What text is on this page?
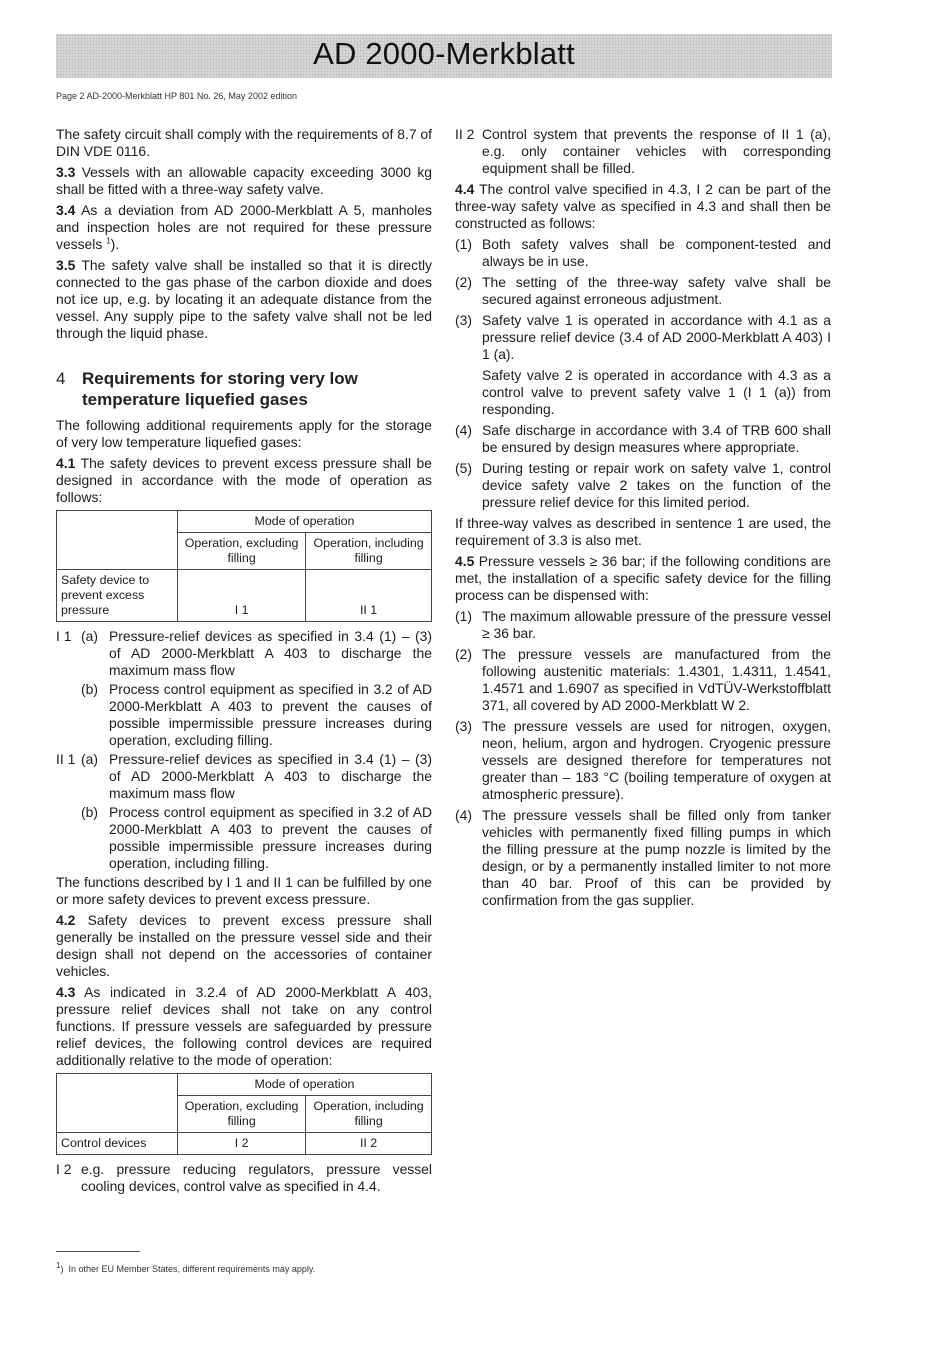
AD 2000-Merkblatt
Page 2 AD-2000-Merkblatt HP 801 No. 26, May 2002 edition

The safety circuit shall comply with the requirements of 8.7 of DIN VDE 0116.

3.3 Vessels with an allowable capacity exceeding 3000 kg shall be fitted with a three-way safety valve.

3.4 As a deviation from AD 2000-Merkblatt A 5, manholes and inspection holes are not required for these pressure vessels $^1$).

3.5 The safety valve shall be installed so that it is directly connected to the gas phase of the carbon dioxide and does not ice up, e.g. by locating it an adequate distance from the vessel. Any supply pipe to the safety valve shall not be led through the liquid phase.

4 Requirements for storing very low temperature liquefied gases

The following additional requirements apply for the storage of very low temperature liquefied gases:

4.1 The safety devices to prevent excess pressure shall be designed in accordance with the mode of operation as follows:

	Mode of operation	
	Operation, excluding filling	Operation, including filling
Safety device to prevent excess pressure	I 1	II 1
I 1 (a) Pressure-relief devices as specified in 3.4 (1) – (3) of AD 2000-Merkblatt A 403 to discharge the maximum mass flow
(b) Process control equipment as specified in 3.2 of AD 2000-Merkblatt A 403 to prevent the causes of possible impermissible pressure increases during operation, excluding filling.
II 1 (a) Pressure-relief devices as specified in 3.4 (1) – (3) of AD 2000-Merkblatt A 403 to discharge the maximum mass flow
(b) Process control equipment as specified in 3.2 of AD 2000-Merkblatt A 403 to prevent the causes of possible impermissible pressure increases during operation, including filling.

The functions described by I 1 and II 1 can be fulfilled by one or more safety devices to prevent excess pressure.

4.2 Safety devices to prevent excess pressure shall generally be installed on the pressure vessel side and their design shall not depend on the accessories of container vehicles.

4.3 As indicated in 3.2.4 of AD 2000-Merkblatt A 403, pressure relief devices shall not take on any control functions. If pressure vessels are safeguarded by pressure relief devices, the following control devices are required additionally relative to the mode of operation:

	Mode of operation	
	Operation, excluding filling	Operation, including filling
Control devices	I 2	II 2
I 2 e.g. pressure reducing regulators, pressure vessel cooling devices, control valve as specified in 4.4.
II 2 Control system that prevents the response of II 1 (a), e.g. only container vehicles with corresponding equipment shall be filled.

4.4 The control valve specified in 4.3, I 2 can be part of the three-way safety valve as specified in 4.3 and shall then be constructed as follows:

(1) Both safety valves shall be component-tested and always be in use.
(2) The setting of the three-way safety valve shall be secured against erroneous adjustment.
(3) Safety valve 1 is operated in accordance with 4.1 as a pressure relief device (3.4 of AD 2000-Merkblatt A 403) I 1 (a).

Safety valve 2 is operated in accordance with 4.3 as a control valve to prevent safety valve 1 (I 1 (a)) from responding.

(4) Safe discharge in accordance with 3.4 of TRB 600 shall be ensured by design measures where appropriate.
(5) During testing or repair work on safety valve 1, control device safety valve 2 takes on the function of the pressure relief device for this limited period.

If three-way valves as described in sentence 1 are used, the requirement of 3.3 is also met.

4.5 Pressure vessels ≥ 36 bar; if the following conditions are met, the installation of a specific safety device for the filling process can be dispensed with:

(1) The maximum allowable pressure of the pressure vessel ≥ 36 bar.
(2) The pressure vessels are manufactured from the following austenitic materials: 1.4301, 1.4311, 1.4541, 1.4571 and 1.6907 as specified in VdTÜV-Werkstoffblatt 371, all covered by AD 2000-Merkblatt W 2.
(3) The pressure vessels are used for nitrogen, oxygen, neon, helium, argon and hydrogen. Cryogenic pressure vessels are designed therefore for temperatures not greater than – 183 °C (boiling temperature of oxygen at atmospheric pressure).
(4) The pressure vessels shall be filled only from tanker vehicles with permanently fixed filling pumps in which the filling pressure at the pump nozzle is limited by the design, or by a permanently installed limiter to not more than 40 bar. Proof of this can be provided by confirmation from the gas supplier.
$^1$)  In other EU Member States, different requirements may apply.
